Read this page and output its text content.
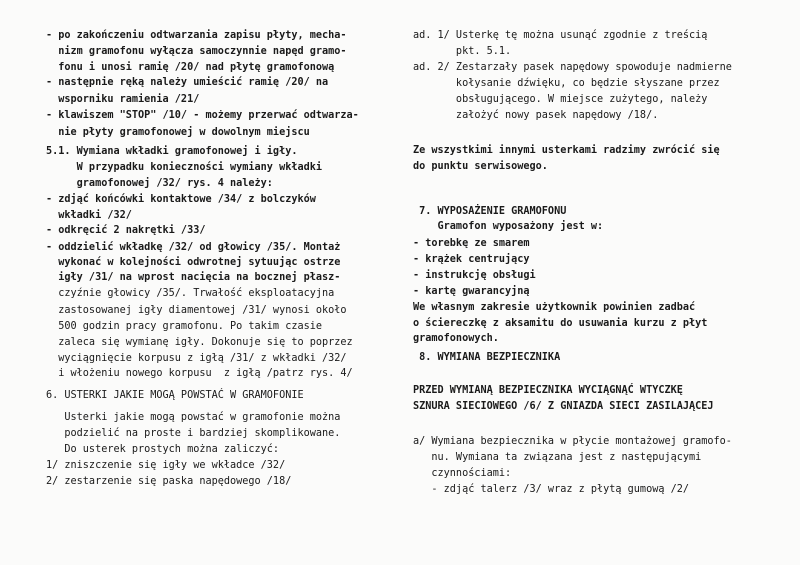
- po zakończeniu odtwarzania zapisu płyty, mecha-
nizm gramofonu wyłącza samoczynnie napęd gramo-
fonu i unosi ramię /20/ nad płytę gramofonową
- następnie ręką należy umieścić ramię /20/ na
wsporniku ramienia /21/
- klawiszem "STOP" /10/ - możemy przerwać odtwarza-
nie płyty gramofonowej w dowolnym miejscu
5.1. Wymiana wkładki gramofonowej i igły.
W przypadku konieczności wymiany wkładki
gramofonowej /32/ rys. 4 należy:
- zdjąć końcówki kontaktowe /34/ z bolczyków
wkładki /32/
- odkręcić 2 nakrętki /33/
- oddzielić wkładkę /32/ od głowicy /35/. Montaż
wykonać w kolejności odwrotnej sytuując ostrze
igły /31/ na wprost nacięcia na bocznej płasz-
czyźnie głowicy /35/. Trwałość eksploatacyjna
zastosowanej igły diamentowej /31/ wynosi około
500 godzin pracy gramofonu. Po takim czasie
zaleca się wymianę igły. Dokonuje się to poprzez
wyciągnięcie korpusu z igłą /31/ z wkładki /32/
i włożeniu nowego korpusu  z igłą /patrz rys. 4/
6. USTERKI JAKIE MOGĄ POWSTAĆ W GRAMOFONIE
Usterki jakie mogą powstać w gramofonie można
podzielić na proste i bardziej skomplikowane.
Do usterek prostych można zaliczyć:
1/ zniszczenie się igły we wkładce /32/
2/ zestarzenie się paska napędowego /18/
ad. 1/ Usterkę tę można usunąć zgodnie z treścią
pkt. 5.1.
ad. 2/ Zestarzały pasek napędowy spowoduje nadmierne
kołysanie dźwięku, co będzie słyszane przez
obsługującego. W miejsce zużytego, należy
założyć nowy pasek napędowy /18/.
Ze wszystkimi innymi usterkami radzimy zwrócić się
do punktu serwisowego.
7. WYPOSAŻENIE GRAMOFONU
Gramofon wyposażony jest w:
- torebkę ze smarem
- krążek centrujący
- instrukcję obsługi
- kartę gwarancyjną
We własnym zakresie użytkownik powinien zadbać
o ściereczkę z aksamitu do usuwania kurzu z płyt
gramofonowych.
8. WYMIANA BEZPIECZNIKA
PRZED WYMIANĄ BEZPIECZNIKA WYCIĄGNĄĆ WTYCZKĘ
SZNURA SIECIOWEGO /6/ Z GNIAZDA SIECI ZASILAJĄCEJ
a/ Wymiana bezpiecznika w płycie montażowej gramofo-
nu. Wymiana ta związana jest z następującymi
czynnościami:
- zdjąć talerz /3/ wraz z płytą gumową /2/
